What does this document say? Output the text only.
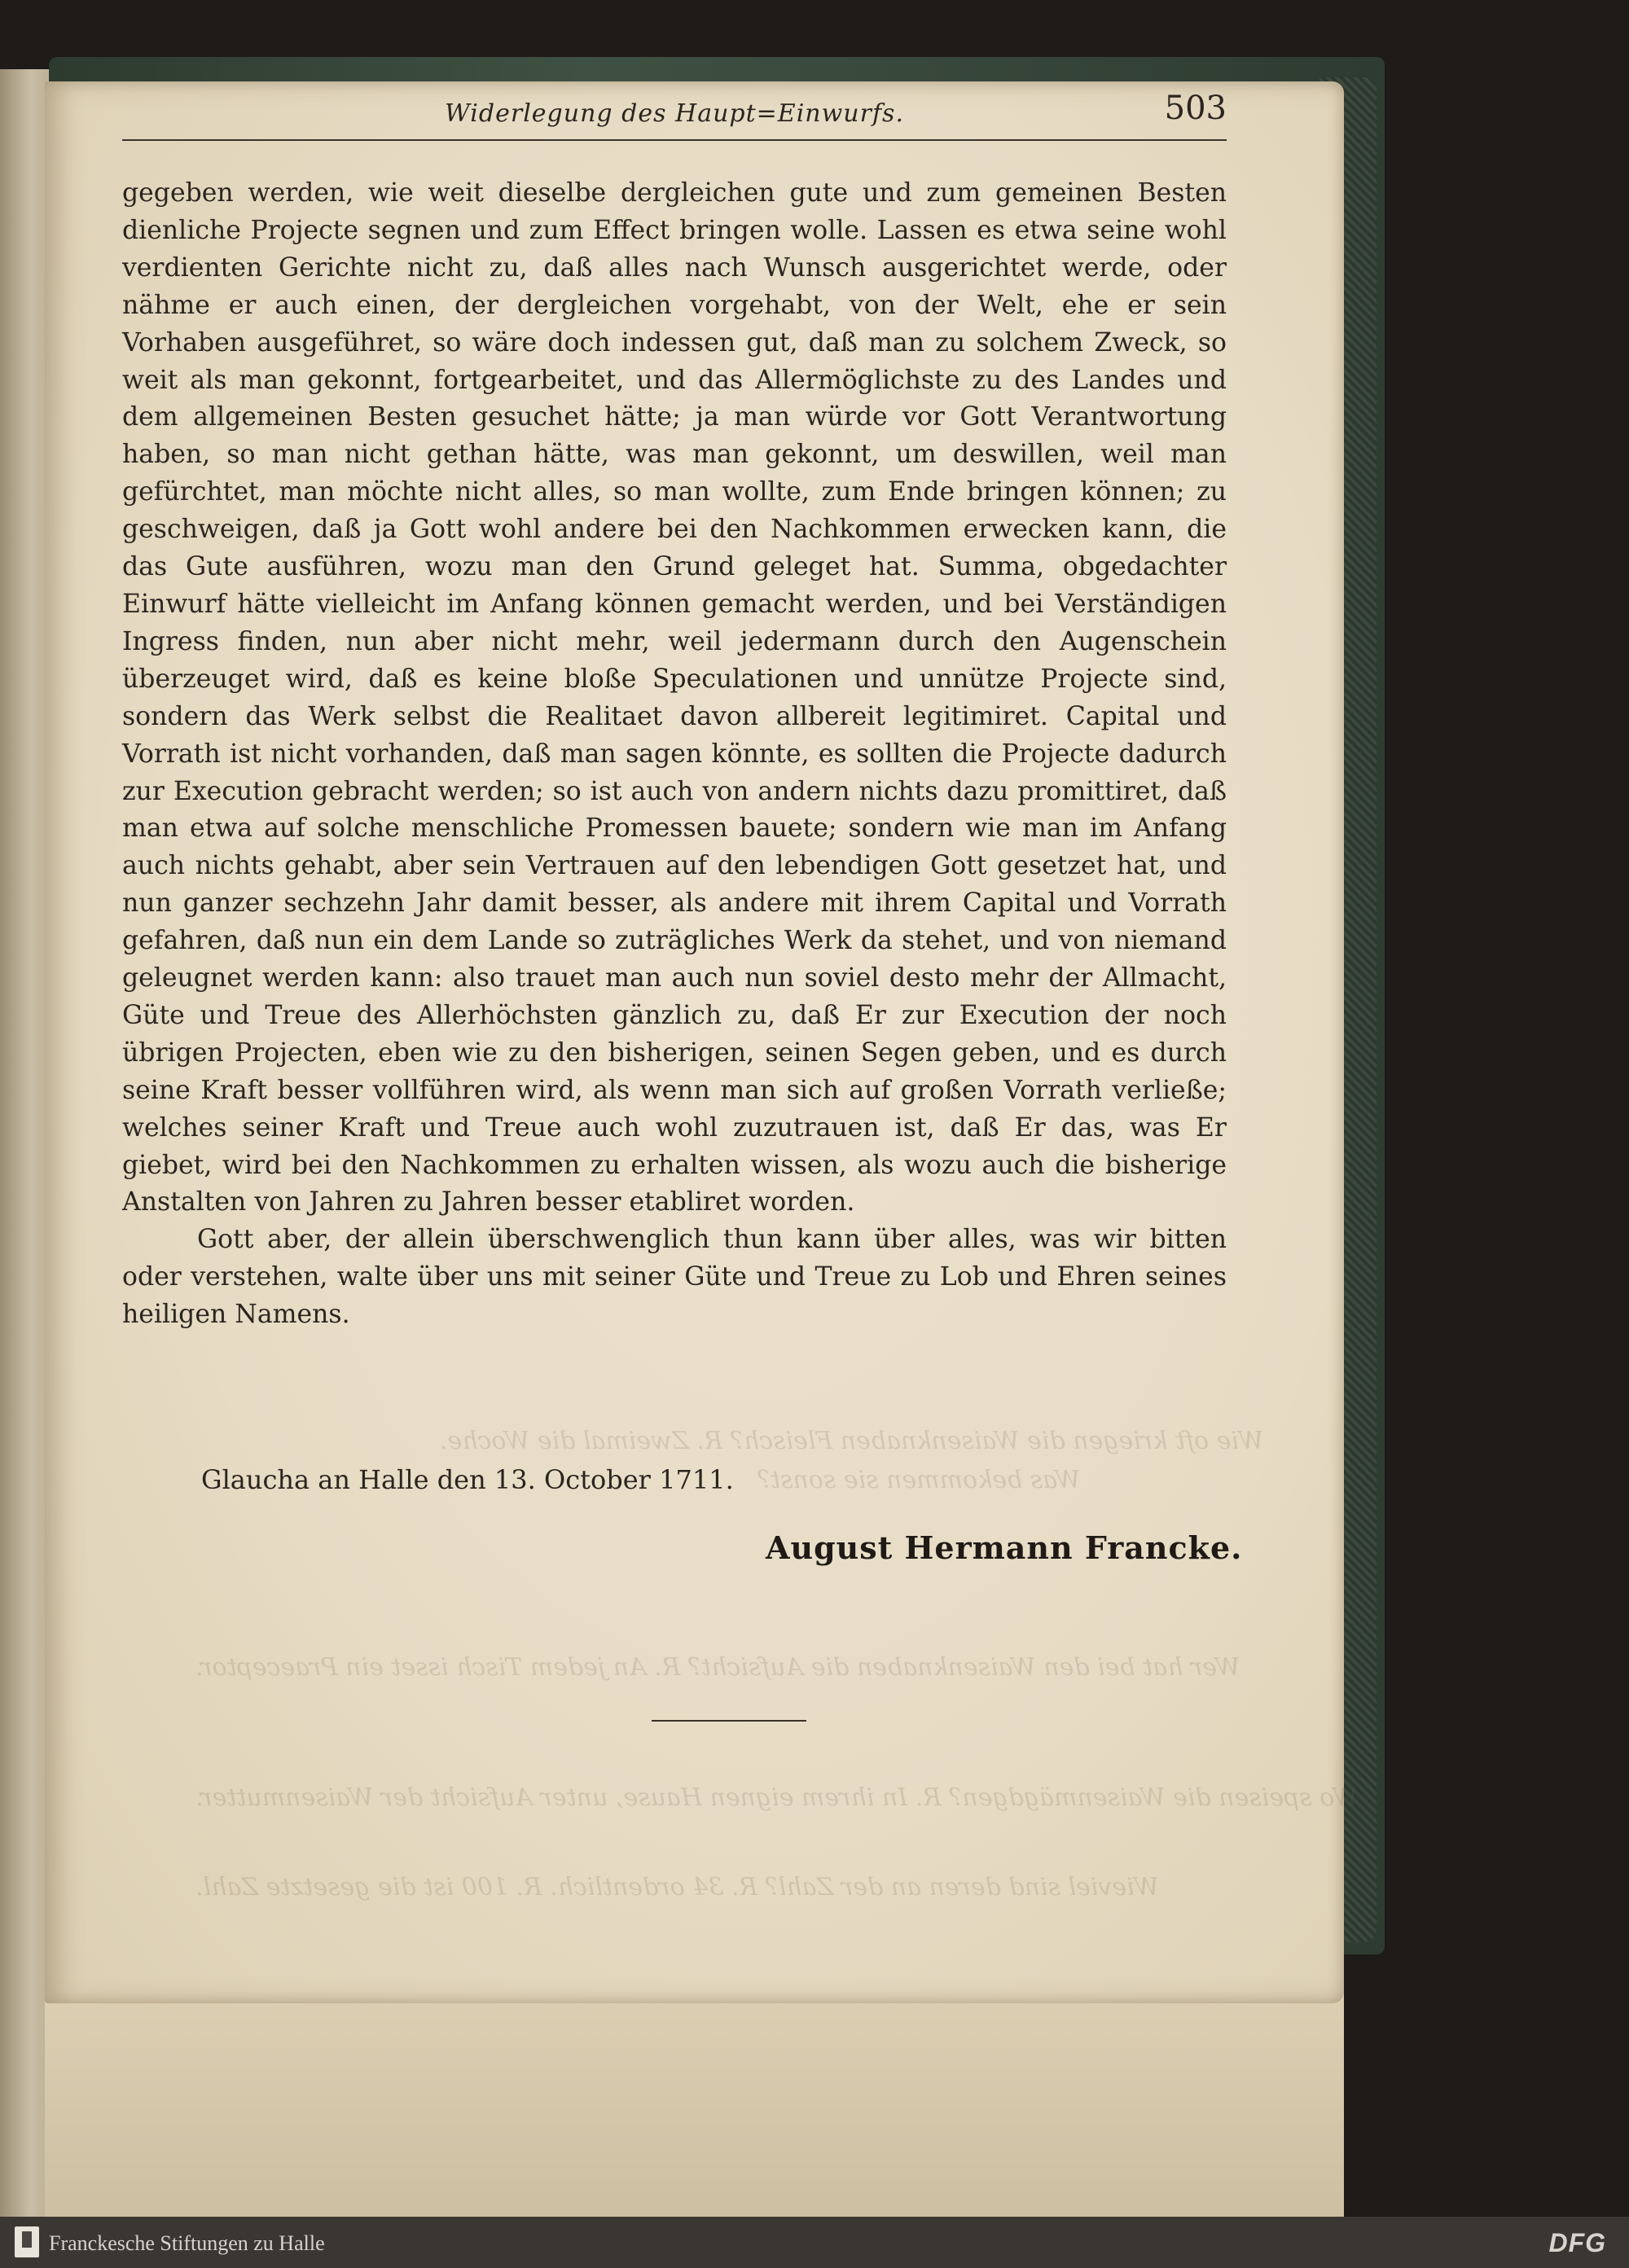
Wie oft kriegen die Waisenknaben Fleisch? R. Zweimal die Woche.
Was bekommen sie sonst?
Wer hat bei den Waisenknaben die Aufsicht? R. An jedem Tisch isset ein Praeceptor.
Wo speisen die Waisenmägdgen? R. In ihrem eignen Hause, unter Aufsicht der Waisenmutter.
Wieviel sind deren an der Zahl? R. 34 ordentlich. R. 100 ist die gesetzte Zahl.
Widerlegung des Haupt=Einwurfs.	503

gegeben werden, wie weit dieselbe dergleichen gute und zum gemeinen Besten dienliche Projecte segnen und zum Effect bringen wolle. Lassen es etwa seine wohl verdienten Gerichte nicht zu, daß alles nach Wunsch ausgerichtet werde, oder nähme er auch einen, der dergleichen vorgehabt, von der Welt, ehe er sein Vorhaben ausgeführet, so wäre doch indessen gut, daß man zu solchem Zweck, so weit als man gekonnt, fortgearbeitet, und das Allermöglichste zu des Landes und dem allgemeinen Besten gesuchet hätte; ja man würde vor Gott Verantwortung haben, so man nicht gethan hätte, was man gekonnt, um deswillen, weil man gefürchtet, man möchte nicht alles, so man wollte, zum Ende bringen können; zu geschweigen, daß ja Gott wohl andere bei den Nachkommen erwecken kann, die das Gute ausführen, wozu man den Grund geleget hat. Summa, obgedachter Einwurf hätte vielleicht im Anfang können gemacht werden, und bei Verständigen Ingress finden, nun aber nicht mehr, weil jedermann durch den Augenschein überzeuget wird, daß es keine bloße Speculationen und unnütze Projecte sind, sondern das Werk selbst die Realitaet davon allbereit legitimiret. Capital und Vorrath ist nicht vorhanden, daß man sagen könnte, es sollten die Projecte dadurch zur Execution gebracht werden; so ist auch von andern nichts dazu promittiret, daß man etwa auf solche menschliche Promessen bauete; sondern wie man im Anfang auch nichts gehabt, aber sein Vertrauen auf den lebendigen Gott gesetzet hat, und nun ganzer sechzehn Jahr damit besser, als andere mit ihrem Capital und Vorrath gefahren, daß nun ein dem Lande so zuträgliches Werk da stehet, und von niemand geleugnet werden kann: also trauet man auch nun soviel desto mehr der Allmacht, Güte und Treue des Allerhöchsten gänzlich zu, daß Er zur Execution der noch übrigen Projecten, eben wie zu den bisherigen, seinen Segen geben, und es durch seine Kraft besser vollführen wird, als wenn man sich auf großen Vorrath verließe; welches seiner Kraft und Treue auch wohl zuzutrauen ist, daß Er das, was Er giebet, wird bei den Nachkommen zu erhalten wissen, als wozu auch die bisherige Anstalten von Jahren zu Jahren besser etabliret worden.

Gott aber, der allein überschwenglich thun kann über alles, was wir bitten oder verstehen, walte über uns mit seiner Güte und Treue zu Lob und Ehren seines heiligen Namens.

Glaucha an Halle den 13. October 1711.
August Hermann Francke.
Franckesche Stiftungen zu Halle	DFG
